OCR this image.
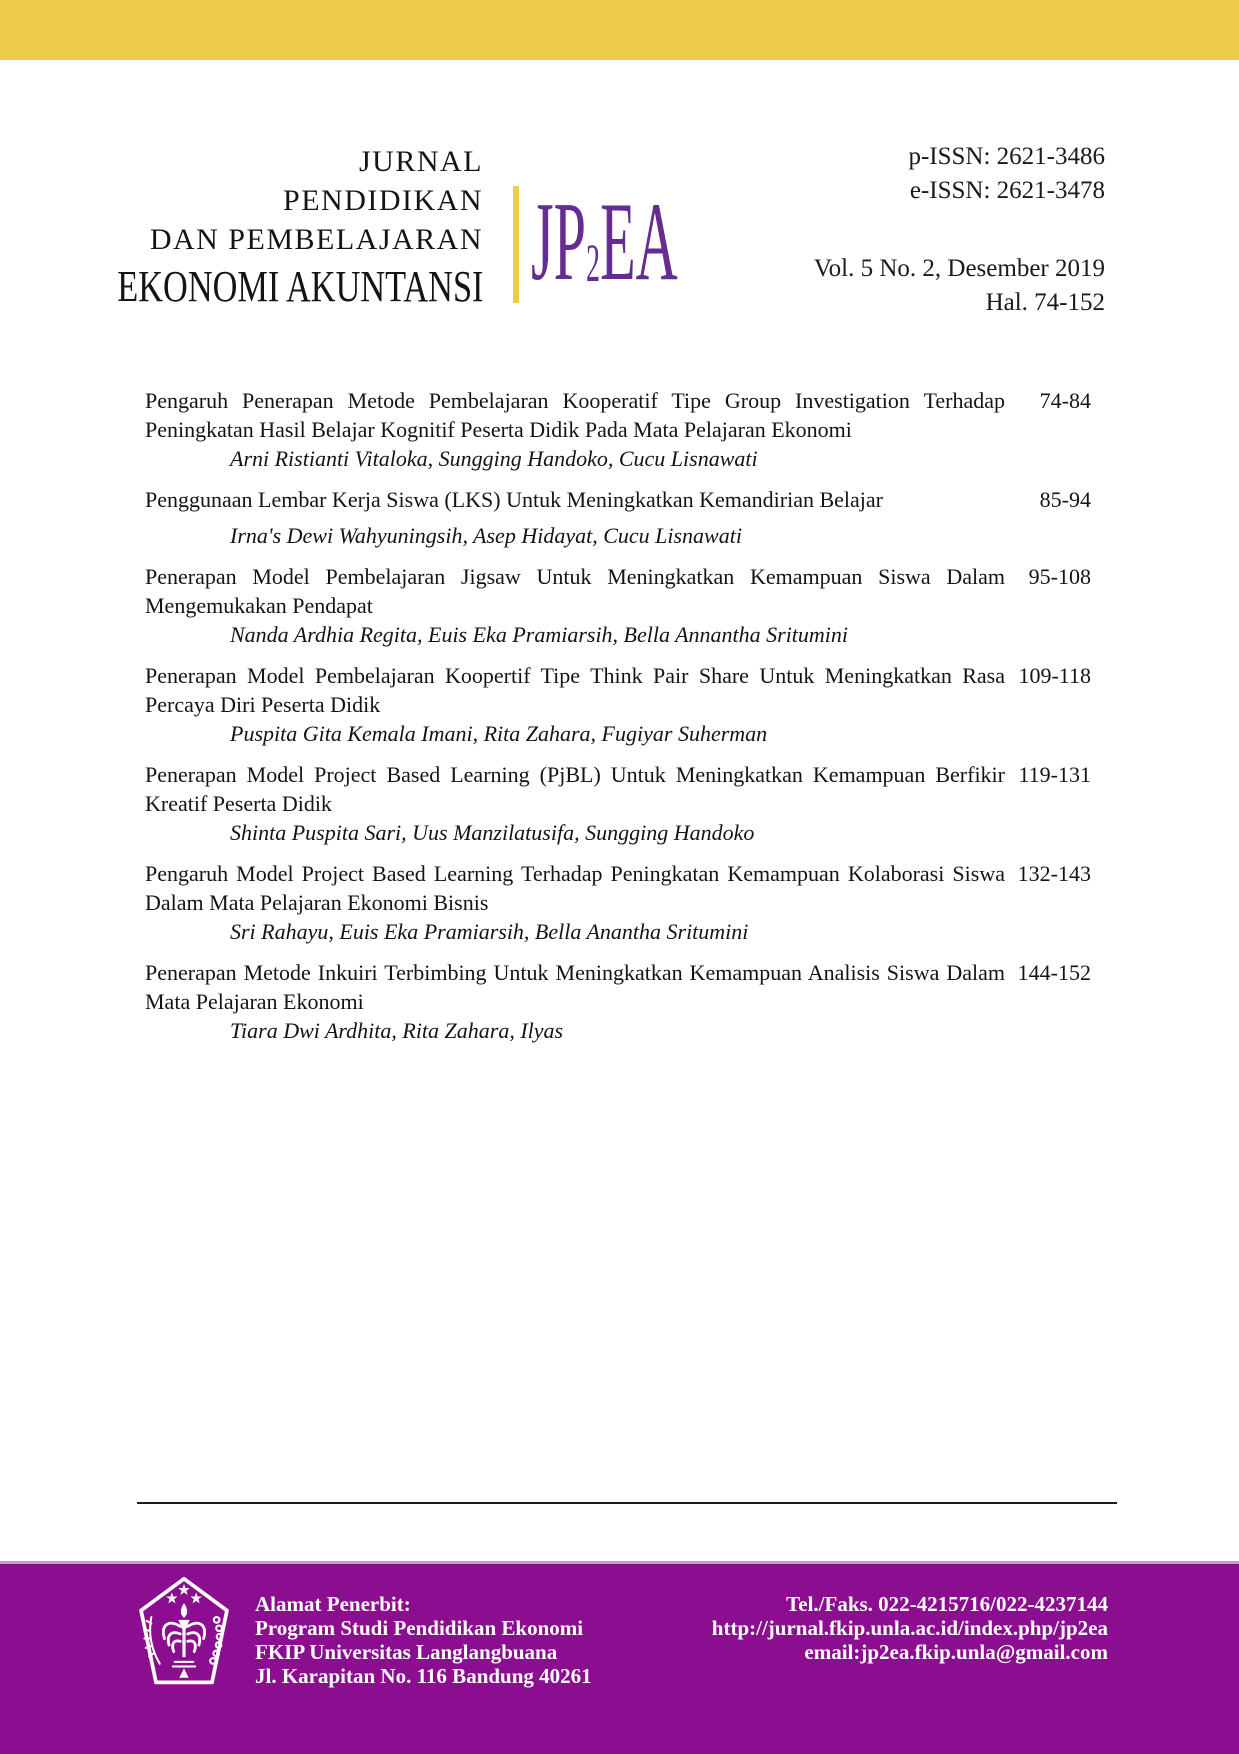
JURNAL
PENDIDIKAN
DAN PEMBELAJARAN
EKONOMI AKUNTANSI JP2EA
p-ISSN: 2621-3486
e-ISSN: 2621-3478
Vol. 5 No. 2, Desember 2019
Hal. 74-152
74-84
Pengaruh Penerapan Metode Pembelajaran Kooperatif Tipe Group Investigation Terhadap Peningkatan Hasil Belajar Kognitif Peserta Didik Pada Mata Pelajaran Ekonomi
Arni Ristianti Vitaloka, Sungging Handoko, Cucu Lisnawati
85-94
Penggunaan Lembar Kerja Siswa (LKS) Untuk Meningkatkan Kemandirian Belajar
Irna's Dewi Wahyuningsih, Asep Hidayat, Cucu Lisnawati
95-108
Penerapan Model Pembelajaran Jigsaw Untuk Meningkatkan Kemampuan Siswa Dalam Mengemukakan Pendapat
Nanda Ardhia Regita, Euis Eka Pramiarsih, Bella Annantha Sritumini
109-118
Penerapan Model Pembelajaran Koopertif Tipe Think Pair Share Untuk Meningkatkan Rasa Percaya Diri Peserta Didik
Puspita Gita Kemala Imani, Rita Zahara, Fugiyar Suherman
119-131
Penerapan Model Project Based Learning (PjBL) Untuk Meningkatkan Kemampuan Berfikir Kreatif Peserta Didik
Shinta Puspita Sari, Uus Manzilatusifa, Sungging Handoko
132-143
Pengaruh Model Project Based Learning Terhadap Peningkatan Kemampuan Kolaborasi Siswa Dalam Mata Pelajaran Ekonomi Bisnis
Sri Rahayu, Euis Eka Pramiarsih, Bella Anantha Sritumini
144-152
Penerapan Metode Inkuiri Terbimbing Untuk Meningkatkan Kemampuan Analisis Siswa Dalam Mata Pelajaran Ekonomi
Tiara Dwi Ardhita, Rita Zahara, Ilyas
Alamat Penerbit:
Program Studi Pendidikan Ekonomi
FKIP Universitas Langlangbuana
Jl. Karapitan No. 116 Bandung 40261
Tel./Faks. 022-4215716/022-4237144
http://jurnal.fkip.unla.ac.id/index.php/jp2ea
email:jp2ea.fkip.unla@gmail.com
